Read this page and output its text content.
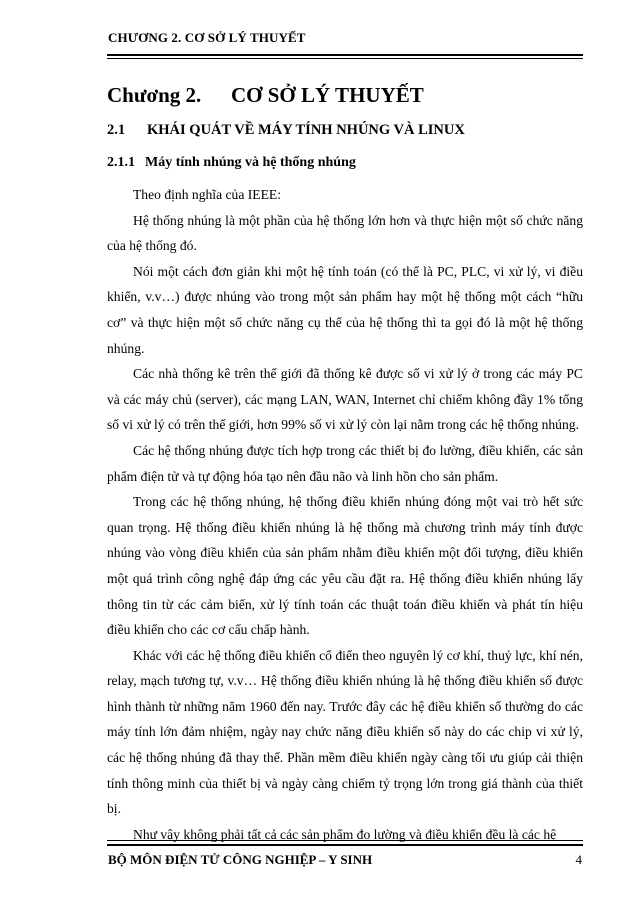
CHƯƠNG 2. CƠ SỞ LÝ THUYẾT
Chương 2. CƠ SỞ LÝ THUYẾT
2.1 KHÁI QUÁT VỀ MÁY TÍNH NHÚNG VÀ LINUX
2.1.1 Máy tính nhúng và hệ thống nhúng

Theo định nghĩa của IEEE:

Hệ thống nhúng là một phần của hệ thống lớn hơn và thực hiện một số chức năng của hệ thống đó.

Nói một cách đơn giản khi một hệ tính toán (có thể là PC, PLC, vi xử lý, vi điều khiển, v.v…) được nhúng vào trong một sản phẩm hay một hệ thống một cách “hữu cơ” và thực hiện một số chức năng cụ thể của hệ thống thì ta gọi đó là một hệ thống nhúng.

Các nhà thống kê trên thế giới đã thống kê được số vi xử lý ở trong các máy PC và các máy chủ (server), các mạng LAN, WAN, Internet chỉ chiếm không đầy 1% tổng số vi xử lý có trên thế giới, hơn 99% số vi xử lý còn lại nằm trong các hệ thống nhúng.

Các hệ thống nhúng được tích hợp trong các thiết bị đo lường, điều khiển, các sản phẩm điện tử và tự động hóa tạo nên đầu não và linh hồn cho sản phẩm.

Trong các hệ thống nhúng, hệ thống điều khiển nhúng đóng một vai trò hết sức quan trọng. Hệ thống điều khiển nhúng là hệ thống mà chương trình máy tính được nhúng vào vòng điều khiển của sản phẩm nhằm điều khiển một đối tượng, điều khiển một quá trình công nghệ đáp ứng các yêu cầu đặt ra. Hệ thống điều khiển nhúng lấy thông tin từ các cảm biến, xử lý tính toán các thuật toán điều khiển và phát tín hiệu điều khiển cho các cơ cấu chấp hành.

Khác với các hệ thống điều khiển cổ điển theo nguyên lý cơ khí, thuỷ lực, khí nén, relay, mạch tương tự, v.v… Hệ thống điều khiển nhúng là hệ thống điều khiển số được hình thành từ những năm 1960 đến nay. Trước đây các hệ điều khiển số thường do các máy tính lớn đảm nhiệm, ngày nay chức năng điều khiển số này do các chip vi xử lý, các hệ thống nhúng đã thay thế. Phần mềm điều khiển ngày càng tối ưu giúp cải thiện tính thông minh của thiết bị và ngày càng chiếm tỷ trọng lớn trong giá thành của thiết bị.

Như vậy không phải tất cả các sản phẩm đo lường và điều khiển đều là các hệ

BỘ MÔN ĐIỆN TỬ CÔNG NGHIỆP – Y SINH	4
